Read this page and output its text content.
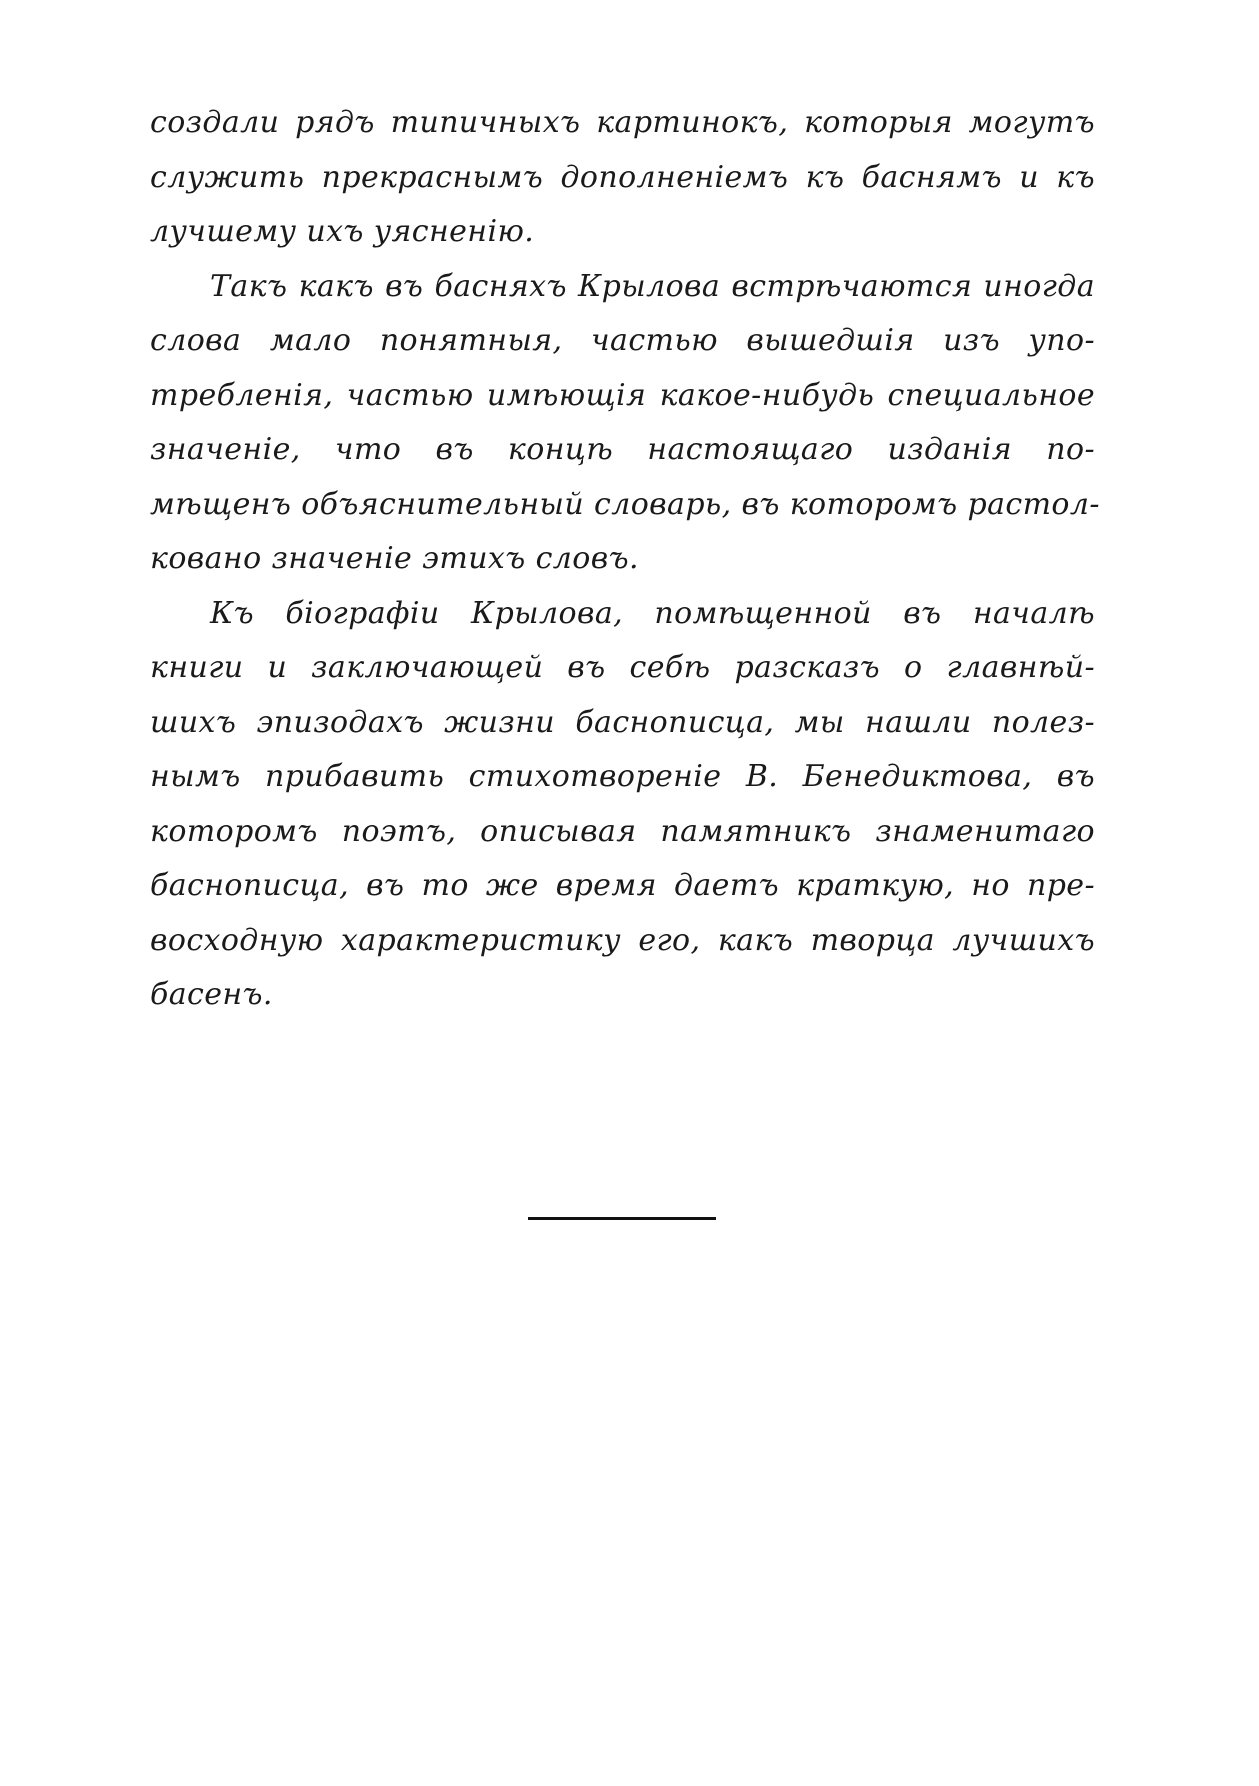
создали рядъ типичныхъ картинокъ, которыя могутъ
служить прекраснымъ дополненіемъ къ баснямъ и къ
лучшему ихъ уясненію.
Такъ какъ въ басняхъ Крылова встрѣчаются иногда
слова мало понятныя, частью вышедшія изъ упо-
требленія, частью имѣющія какое-нибудь специальное
значеніе, что въ концѣ настоящаго изданія по-
мѣщенъ объяснительный словарь, въ которомъ растол-
ковано значеніе этихъ словъ.
Къ біографіи Крылова, помѣщенной въ началѣ
книги и заключающей въ себѣ разсказъ о главнѣй-
шихъ эпизодахъ жизни баснописца, мы нашли полез-
нымъ прибавить стихотвореніе В. Бенедиктова, въ
которомъ поэтъ, описывая памятникъ знаменитаго
баснописца, въ то же время даетъ краткую, но пре-
восходную характеристику его, какъ творца лучшихъ
басенъ.
